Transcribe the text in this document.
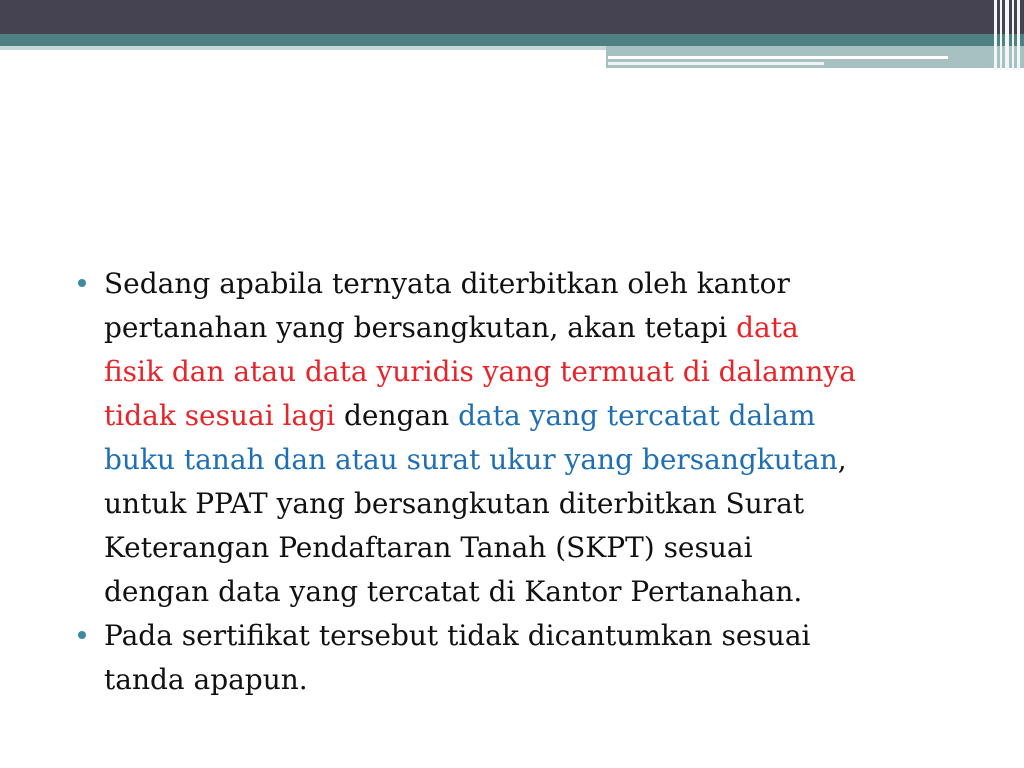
Sedang apabila ternyata diterbitkan oleh kantor
pertanahan yang bersangkutan, akan tetapi data
fisik dan atau data yuridis yang termuat di dalamnya
tidak sesuai lagi dengan data yang tercatat dalam
buku tanah dan atau surat ukur yang bersangkutan,
untuk PPAT yang bersangkutan diterbitkan Surat
Keterangan Pendaftaran Tanah (SKPT) sesuai
dengan data yang tercatat di Kantor Pertanahan.
Pada sertifikat tersebut tidak dicantumkan sesuai
tanda apapun.
